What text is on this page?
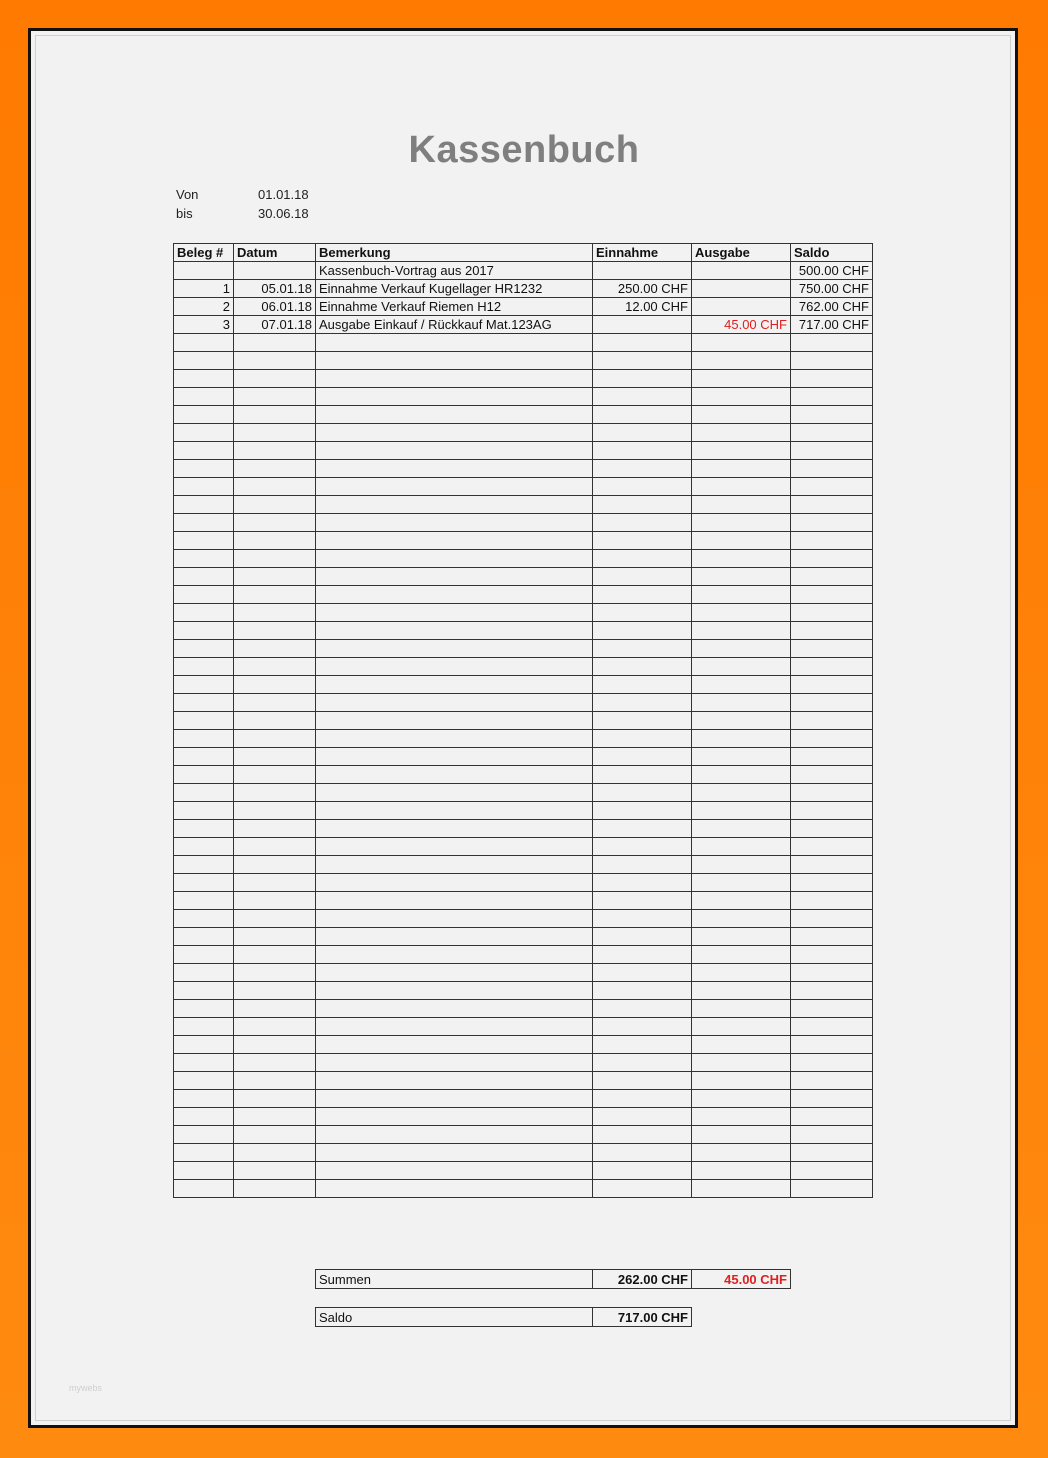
Kassenbuch
Von	01.01.18
bis	30.06.18
Beleg #	Datum	Bemerkung	Einnahme	Ausgabe	Saldo
		Kassenbuch-Vortrag aus 2017			500.00 CHF
1	05.01.18	Einnahme Verkauf Kugellager HR1232	250.00 CHF		750.00 CHF
2	06.01.18	Einnahme Verkauf Riemen H12	12.00 CHF		762.00 CHF
3	07.01.18	Ausgabe Einkauf / Rückkauf Mat.123AG		45.00 CHF	717.00 CHF

Summen	262.00 CHF	45.00 CHF
Saldo	717.00 CHF
mywebs
